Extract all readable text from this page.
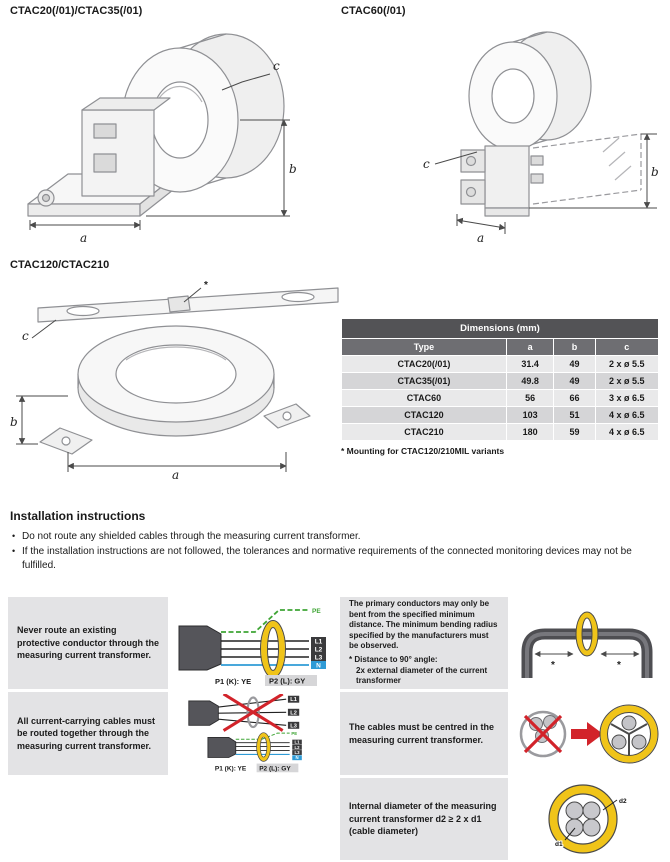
CTAC20(/01)/CTAC35(/01)	CTAC60(/01)
CTAC120/CTAC210
a
b
c
c
b
a
*
c
b
a
Dimensions (mm)			
Type	a	b	c
CTAC20(/01)	31.4	49	2 x ø 5.5
CTAC35(/01)	49.8	49	2 x ø 5.5
CTAC60	56	66	3 x ø 6.5
CTAC120	103	51	4 x ø 6.5
CTAC210	180	59	4 x ø 6.5
* Mounting for CTAC120/210MIL variants
Installation instructions
• Do not route any shielded cables through the measuring current transformer.
• If the installation instructions are not followed, the tolerances and normative requirements of the connected monitoring devices may not be fulfilled.
Never route an existing protective conductor through the measuring current transformer.
PE
L1
L2
L3
N
P1 (K): YE P2 (L): GY
The primary conductors may only be bent from the specified minimum distance. The minimum bending radius specified by the manufacturers must be observed.
* Distance to 90° angle:
2x external diameter of the current transformer
*	*
All current-carrying cables must be routed together through the measuring current transformer.
L1
L2
L3
PE
L1
L2
L3
N
P1 (K): YE P2 (L): GY
The cables must be centred in the measuring current transformer.
Internal diameter of the measuring current transformer d2 ≥ 2 x d1 (cable diameter)
d2
d1
